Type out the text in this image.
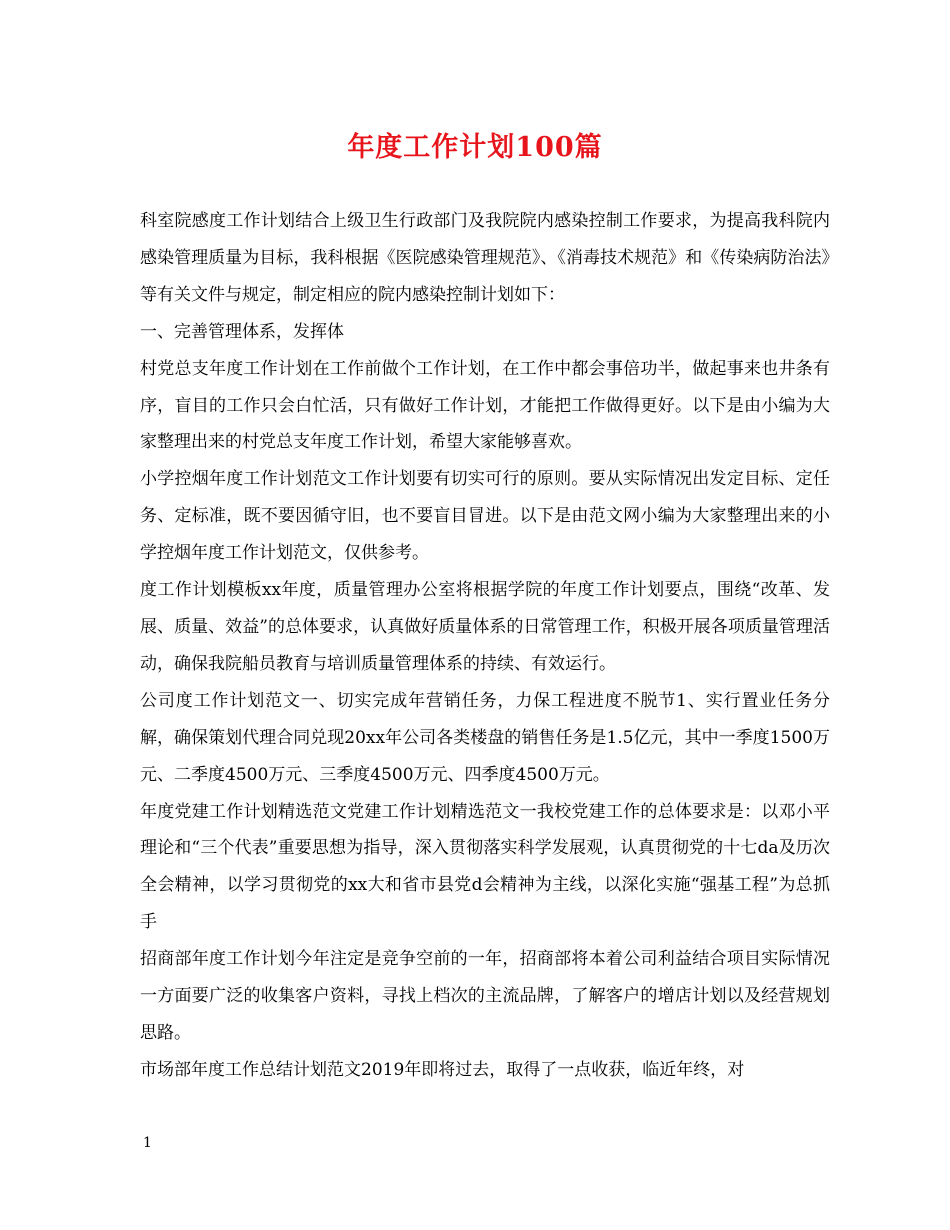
年度工作计划100篇

科室院感度工作计划结合上级卫生行政部门及我院院内感染控制工作要求，为提高我科院内感染管理质量为目标，我科根据《医院感染管理规范》、《消毒技术规范》和《传染病防治法》等有关文件与规定，制定相应的院内感染控制计划如下：

一、完善管理体系，发挥体

村党总支年度工作计划在工作前做个工作计划，在工作中都会事倍功半，做起事来也井条有序，盲目的工作只会白忙活，只有做好工作计划，才能把工作做得更好。以下是由小编为大家整理出来的村党总支年度工作计划，希望大家能够喜欢。

小学控烟年度工作计划范文工作计划要有切实可行的原则。要从实际情况出发定目标、定任务、定标准，既不要因循守旧，也不要盲目冒进。以下是由范文网小编为大家整理出来的小学控烟年度工作计划范文，仅供参考。

度工作计划模板xx年度，质量管理办公室将根据学院的年度工作计划要点，围绕“改革、发展、质量、效益”的总体要求，认真做好质量体系的日常管理工作，积极开展各项质量管理活动，确保我院船员教育与培训质量管理体系的持续、有效运行。

公司度工作计划范文一、切实完成年营销任务，力保工程进度不脱节1、实行置业任务分解，确保策划代理合同兑现20xx年公司各类楼盘的销售任务是1.5亿元，其中一季度1500万元、二季度4500万元、三季度4500万元、四季度4500万元。

年度党建工作计划精选范文党建工作计划精选范文一我校党建工作的总体要求是：以邓小平理论和“三个代表”重要思想为指导，深入贯彻落实科学发展观，认真贯彻党的十七da及历次全会精神，以学习贯彻党的xx大和省市县党d会精神为主线，以深化实施“强基工程”为总抓手

招商部年度工作计划今年注定是竞争空前的一年，招商部将本着公司利益结合项目实际情况一方面要广泛的收集客户资料，寻找上档次的主流品牌，了解客户的增店计划以及经营规划思路。

市场部年度工作总结计划范文2019年即将过去，取得了一点收获，临近年终，对

1
